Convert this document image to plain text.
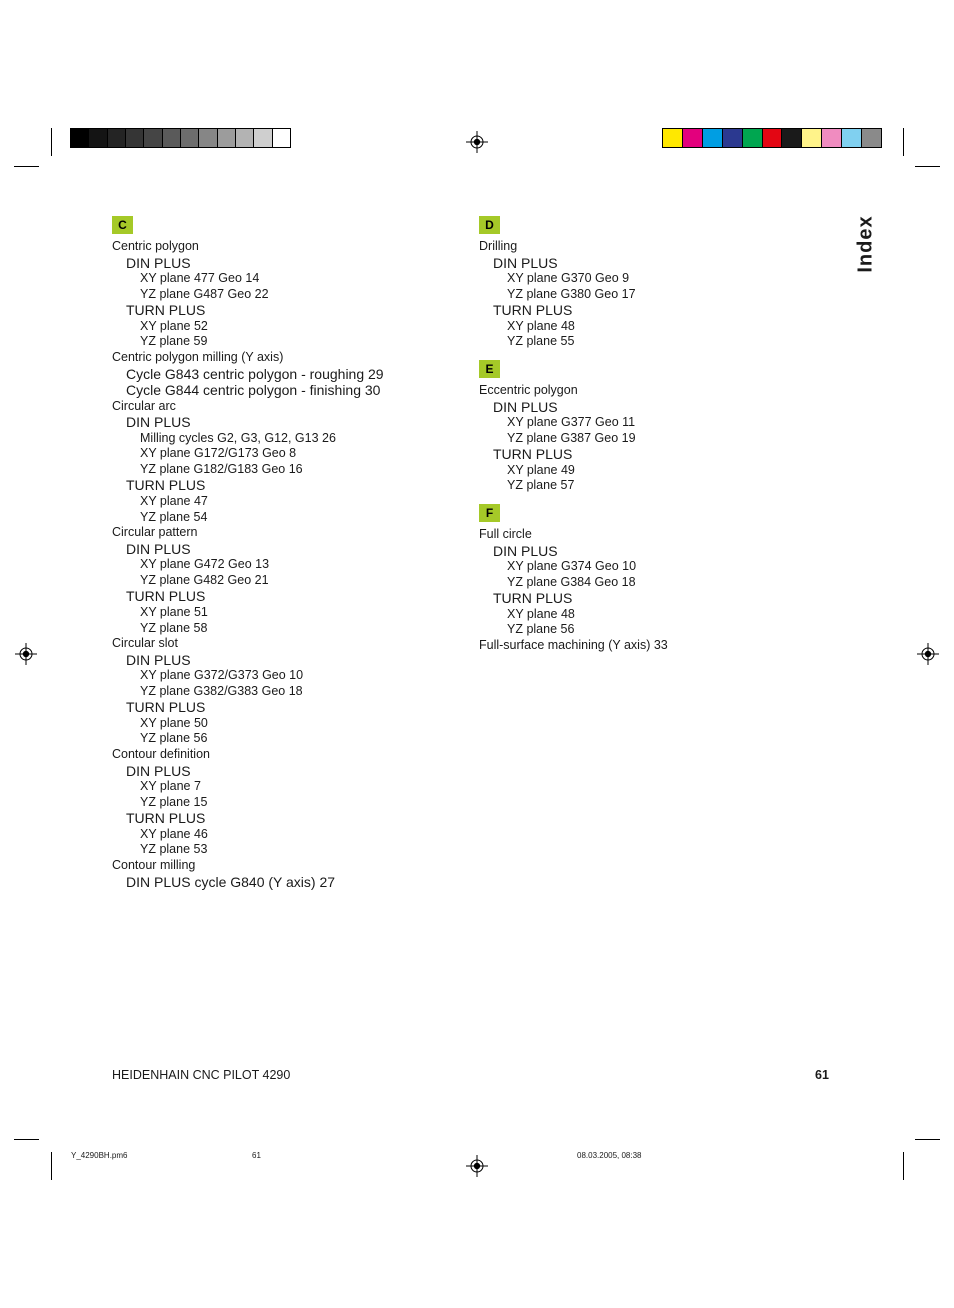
Index
C
Centric polygon
DIN PLUS
XY plane 477 Geo 14
YZ plane G487 Geo 22
TURN PLUS
XY plane 52
YZ plane 59
Centric polygon milling (Y axis)
Cycle G843 centric polygon - roughing 29
Cycle G844 centric polygon - finishing 30
Circular arc
DIN PLUS
Milling cycles G2, G3, G12, G13 26
XY plane G172/G173 Geo 8
YZ plane G182/G183 Geo 16
TURN PLUS
XY plane 47
YZ plane 54
Circular pattern
DIN PLUS
XY plane G472 Geo 13
YZ plane G482 Geo 21
TURN PLUS
XY plane 51
YZ plane 58
Circular slot
DIN PLUS
XY plane G372/G373 Geo 10
YZ plane G382/G383 Geo 18
TURN PLUS
XY plane 50
YZ plane 56
Contour definition
DIN PLUS
XY plane 7
YZ plane 15
TURN PLUS
XY plane 46
YZ plane 53
Contour milling
DIN PLUS cycle G840 (Y axis) 27
D
Drilling
DIN PLUS
XY plane G370 Geo 9
YZ plane G380 Geo 17
TURN PLUS
XY plane 48
YZ plane 55
E
Eccentric polygon
DIN PLUS
XY plane G377 Geo 11
YZ plane G387 Geo 19
TURN PLUS
XY plane 49
YZ plane 57
F
Full circle
DIN PLUS
XY plane G374 Geo 10
YZ plane G384 Geo 18
TURN PLUS
XY plane 48
YZ plane 56
Full-surface machining (Y axis) 33
HEIDENHAIN CNC PILOT 4290	61
Y_4290BH.pm6	61	08.03.2005, 08:38
